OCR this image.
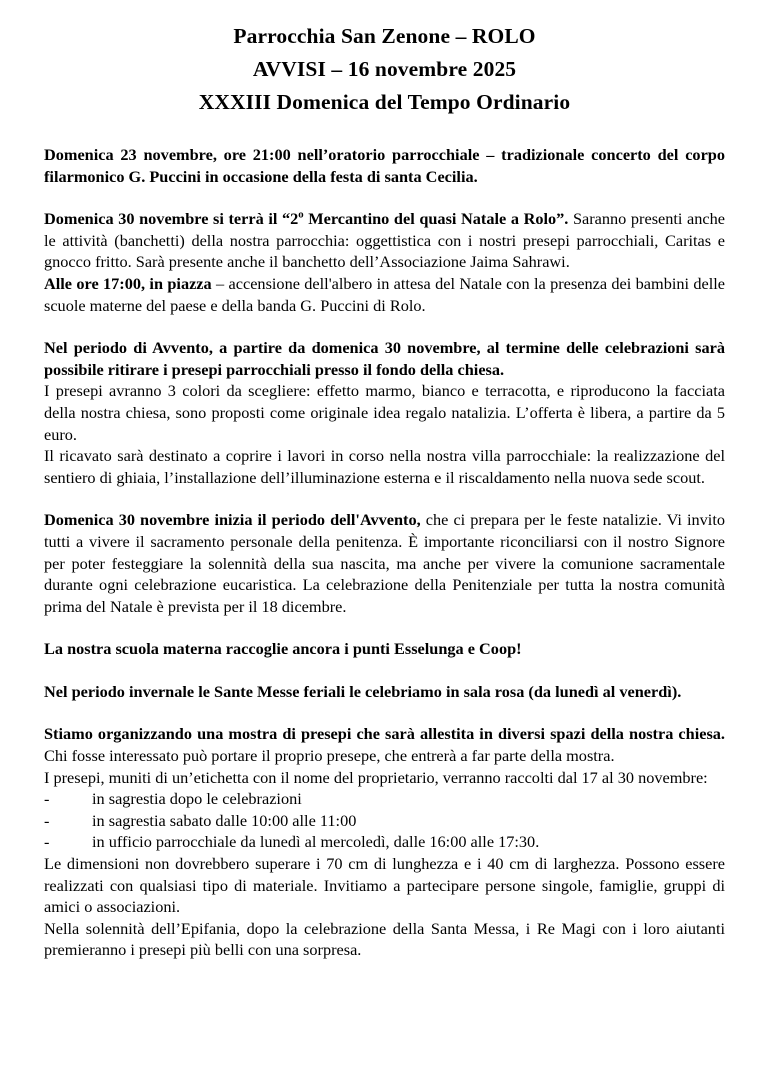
Parrocchia San Zenone – ROLO
AVVISI – 16 novembre 2025
XXXIII Domenica del Tempo Ordinario

Domenica 23 novembre, ore 21:00 nell’oratorio parrocchiale – tradizionale concerto del corpo filarmonico G. Puccini in occasione della festa di santa Cecilia.

Domenica 30 novembre si terrà il “2$^o$ Mercantino del quasi Natale a Rolo”. Saranno presenti anche le attività (banchetti) della nostra parrocchia: oggettistica con i nostri presepi parrocchiali, Caritas e gnocco fritto. Sarà presente anche il banchetto dell’Associazione Jaima Sahrawi.

Alle ore 17:00, in piazza – accensione dell'albero in attesa del Natale con la presenza dei bambini delle scuole materne del paese e della banda G. Puccini di Rolo.

Nel periodo di Avvento, a partire da domenica 30 novembre, al termine delle celebrazioni sarà possibile ritirare i presepi parrocchiali presso il fondo della chiesa.

I presepi avranno 3 colori da scegliere: effetto marmo, bianco e terracotta, e riproducono la facciata della nostra chiesa, sono proposti come originale idea regalo natalizia. L’offerta è libera, a partire da 5 euro.

Il ricavato sarà destinato a coprire i lavori in corso nella nostra villa parrocchiale: la realizzazione del sentiero di ghiaia, l’installazione dell’illuminazione esterna e il riscaldamento nella nuova sede scout.

Domenica 30 novembre inizia il periodo dell'Avvento, che ci prepara per le feste natalizie. Vi invito tutti a vivere il sacramento personale della penitenza. È importante riconciliarsi con il nostro Signore per poter festeggiare la solennità della sua nascita, ma anche per vivere la comunione sacramentale durante ogni celebrazione eucaristica. La celebrazione della Penitenziale per tutta la nostra comunità prima del Natale è prevista per il 18 dicembre.

La nostra scuola materna raccoglie ancora i punti Esselunga e Coop!

Nel periodo invernale le Sante Messe feriali le celebriamo in sala rosa (da lunedì al venerdì).

Stiamo organizzando una mostra di presepi che sarà allestita in diversi spazi della nostra chiesa. Chi fosse interessato può portare il proprio presepe, che entrerà a far parte della mostra.

I presepi, muniti di un’etichetta con il nome del proprietario, verranno raccolti dal 17 al 30 novembre:

-	in sagrestia dopo le celebrazioni
-	in sagrestia sabato dalle 10:00 alle 11:00
-	in ufficio parrocchiale da lunedì al mercoledì, dalle 16:00 alle 17:30.

Le dimensioni non dovrebbero superare i 70 cm di lunghezza e i 40 cm di larghezza. Possono essere realizzati con qualsiasi tipo di materiale. Invitiamo a partecipare persone singole, famiglie, gruppi di amici o associazioni.

Nella solennità dell’Epifania, dopo la celebrazione della Santa Messa, i Re Magi con i loro aiutanti premieranno i presepi più belli con una sorpresa.
